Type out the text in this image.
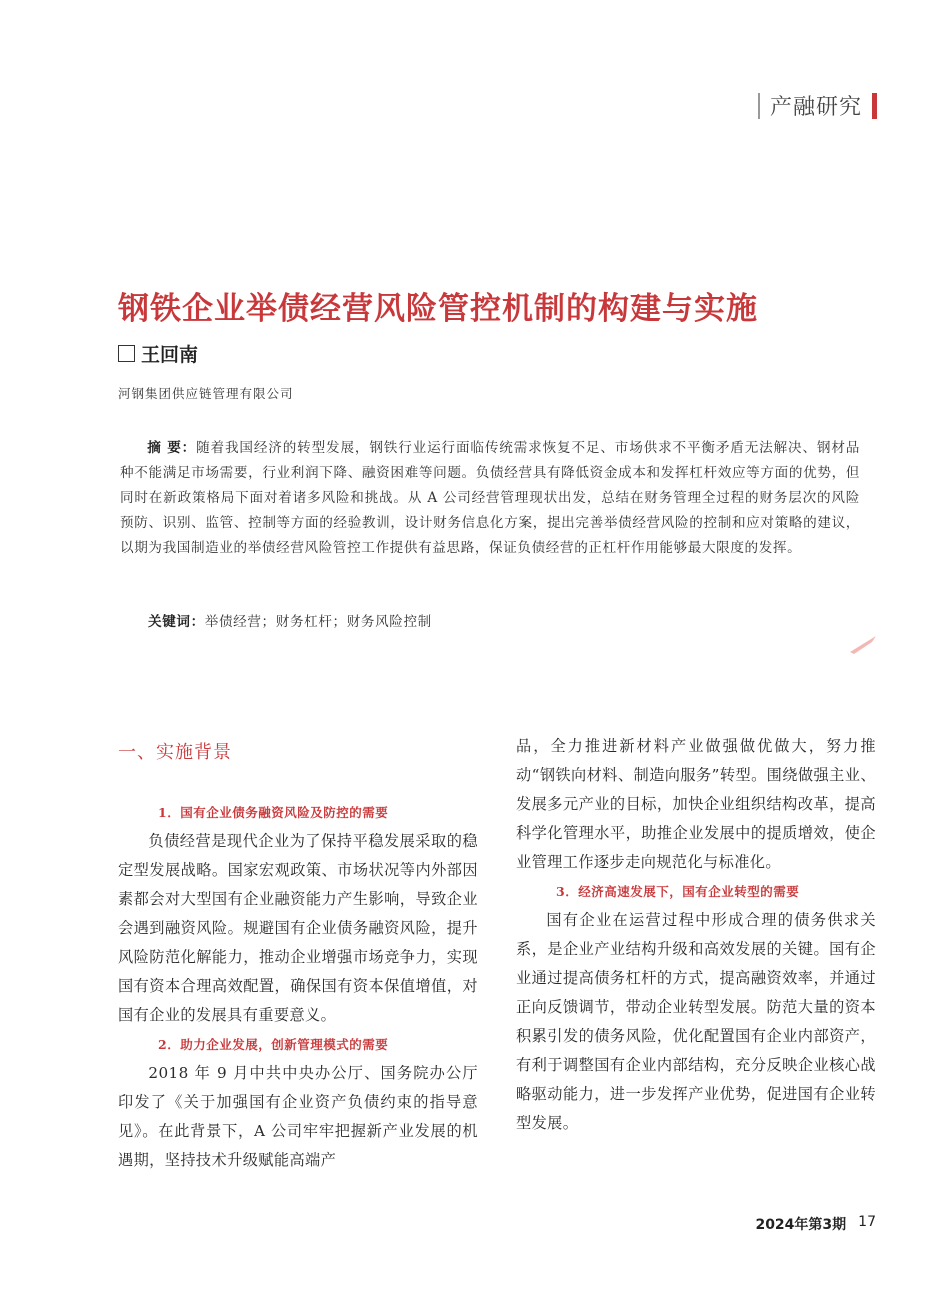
产融研究
钢铁企业举债经营风险管控机制的构建与实施
王回南
河钢集团供应链管理有限公司

摘 要：随着我国经济的转型发展，钢铁行业运行面临传统需求恢复不足、市场供求不平衡矛盾无法解决、钢材品种不能满足市场需要，行业利润下降、融资困难等问题。负债经营具有降低资金成本和发挥杠杆效应等方面的优势，但同时在新政策格局下面对着诸多风险和挑战。从 A 公司经营管理现状出发，总结在财务管理全过程的财务层次的风险预防、识别、监管、控制等方面的经验教训，设计财务信息化方案，提出完善举债经营风险的控制和应对策略的建议，以期为我国制造业的举债经营风险管控工作提供有益思路，保证负债经营的正杠杆作用能够最大限度的发挥。

关键词：举债经营；财务杠杆；财务风险控制
一、实施背景
1．国有企业债务融资风险及防控的需要

负债经营是现代企业为了保持平稳发展采取的稳定型发展战略。国家宏观政策、市场状况等内外部因素都会对大型国有企业融资能力产生影响，导致企业会遇到融资风险。规避国有企业债务融资风险，提升风险防范化解能力，推动企业增强市场竞争力，实现国有资本合理高效配置，确保国有资本保值增值，对国有企业的发展具有重要意义。

2．助力企业发展，创新管理模式的需要

2018 年 9 月中共中央办公厅、国务院办公厅印发了《关于加强国有企业资产负债约束的指导意见》。在此背景下，A 公司牢牢把握新产业发展的机遇期，坚持技术升级赋能高端产

品，全力推进新材料产业做强做优做大，努力推动“钢铁向材料、制造向服务”转型。围绕做强主业、发展多元产业的目标，加快企业组织结构改革，提高科学化管理水平，助推企业发展中的提质增效，使企业管理工作逐步走向规范化与标准化。

3．经济高速发展下，国有企业转型的需要

国有企业在运营过程中形成合理的债务供求关系，是企业产业结构升级和高效发展的关键。国有企业通过提高债务杠杆的方式，提高融资效率，并通过正向反馈调节，带动企业转型发展。防范大量的资本积累引发的债务风险，优化配置国有企业内部资产，有利于调整国有企业内部结构，充分反映企业核心战略驱动能力，进一步发挥产业优势，促进国有企业转型发展。

2024年第3期 17
